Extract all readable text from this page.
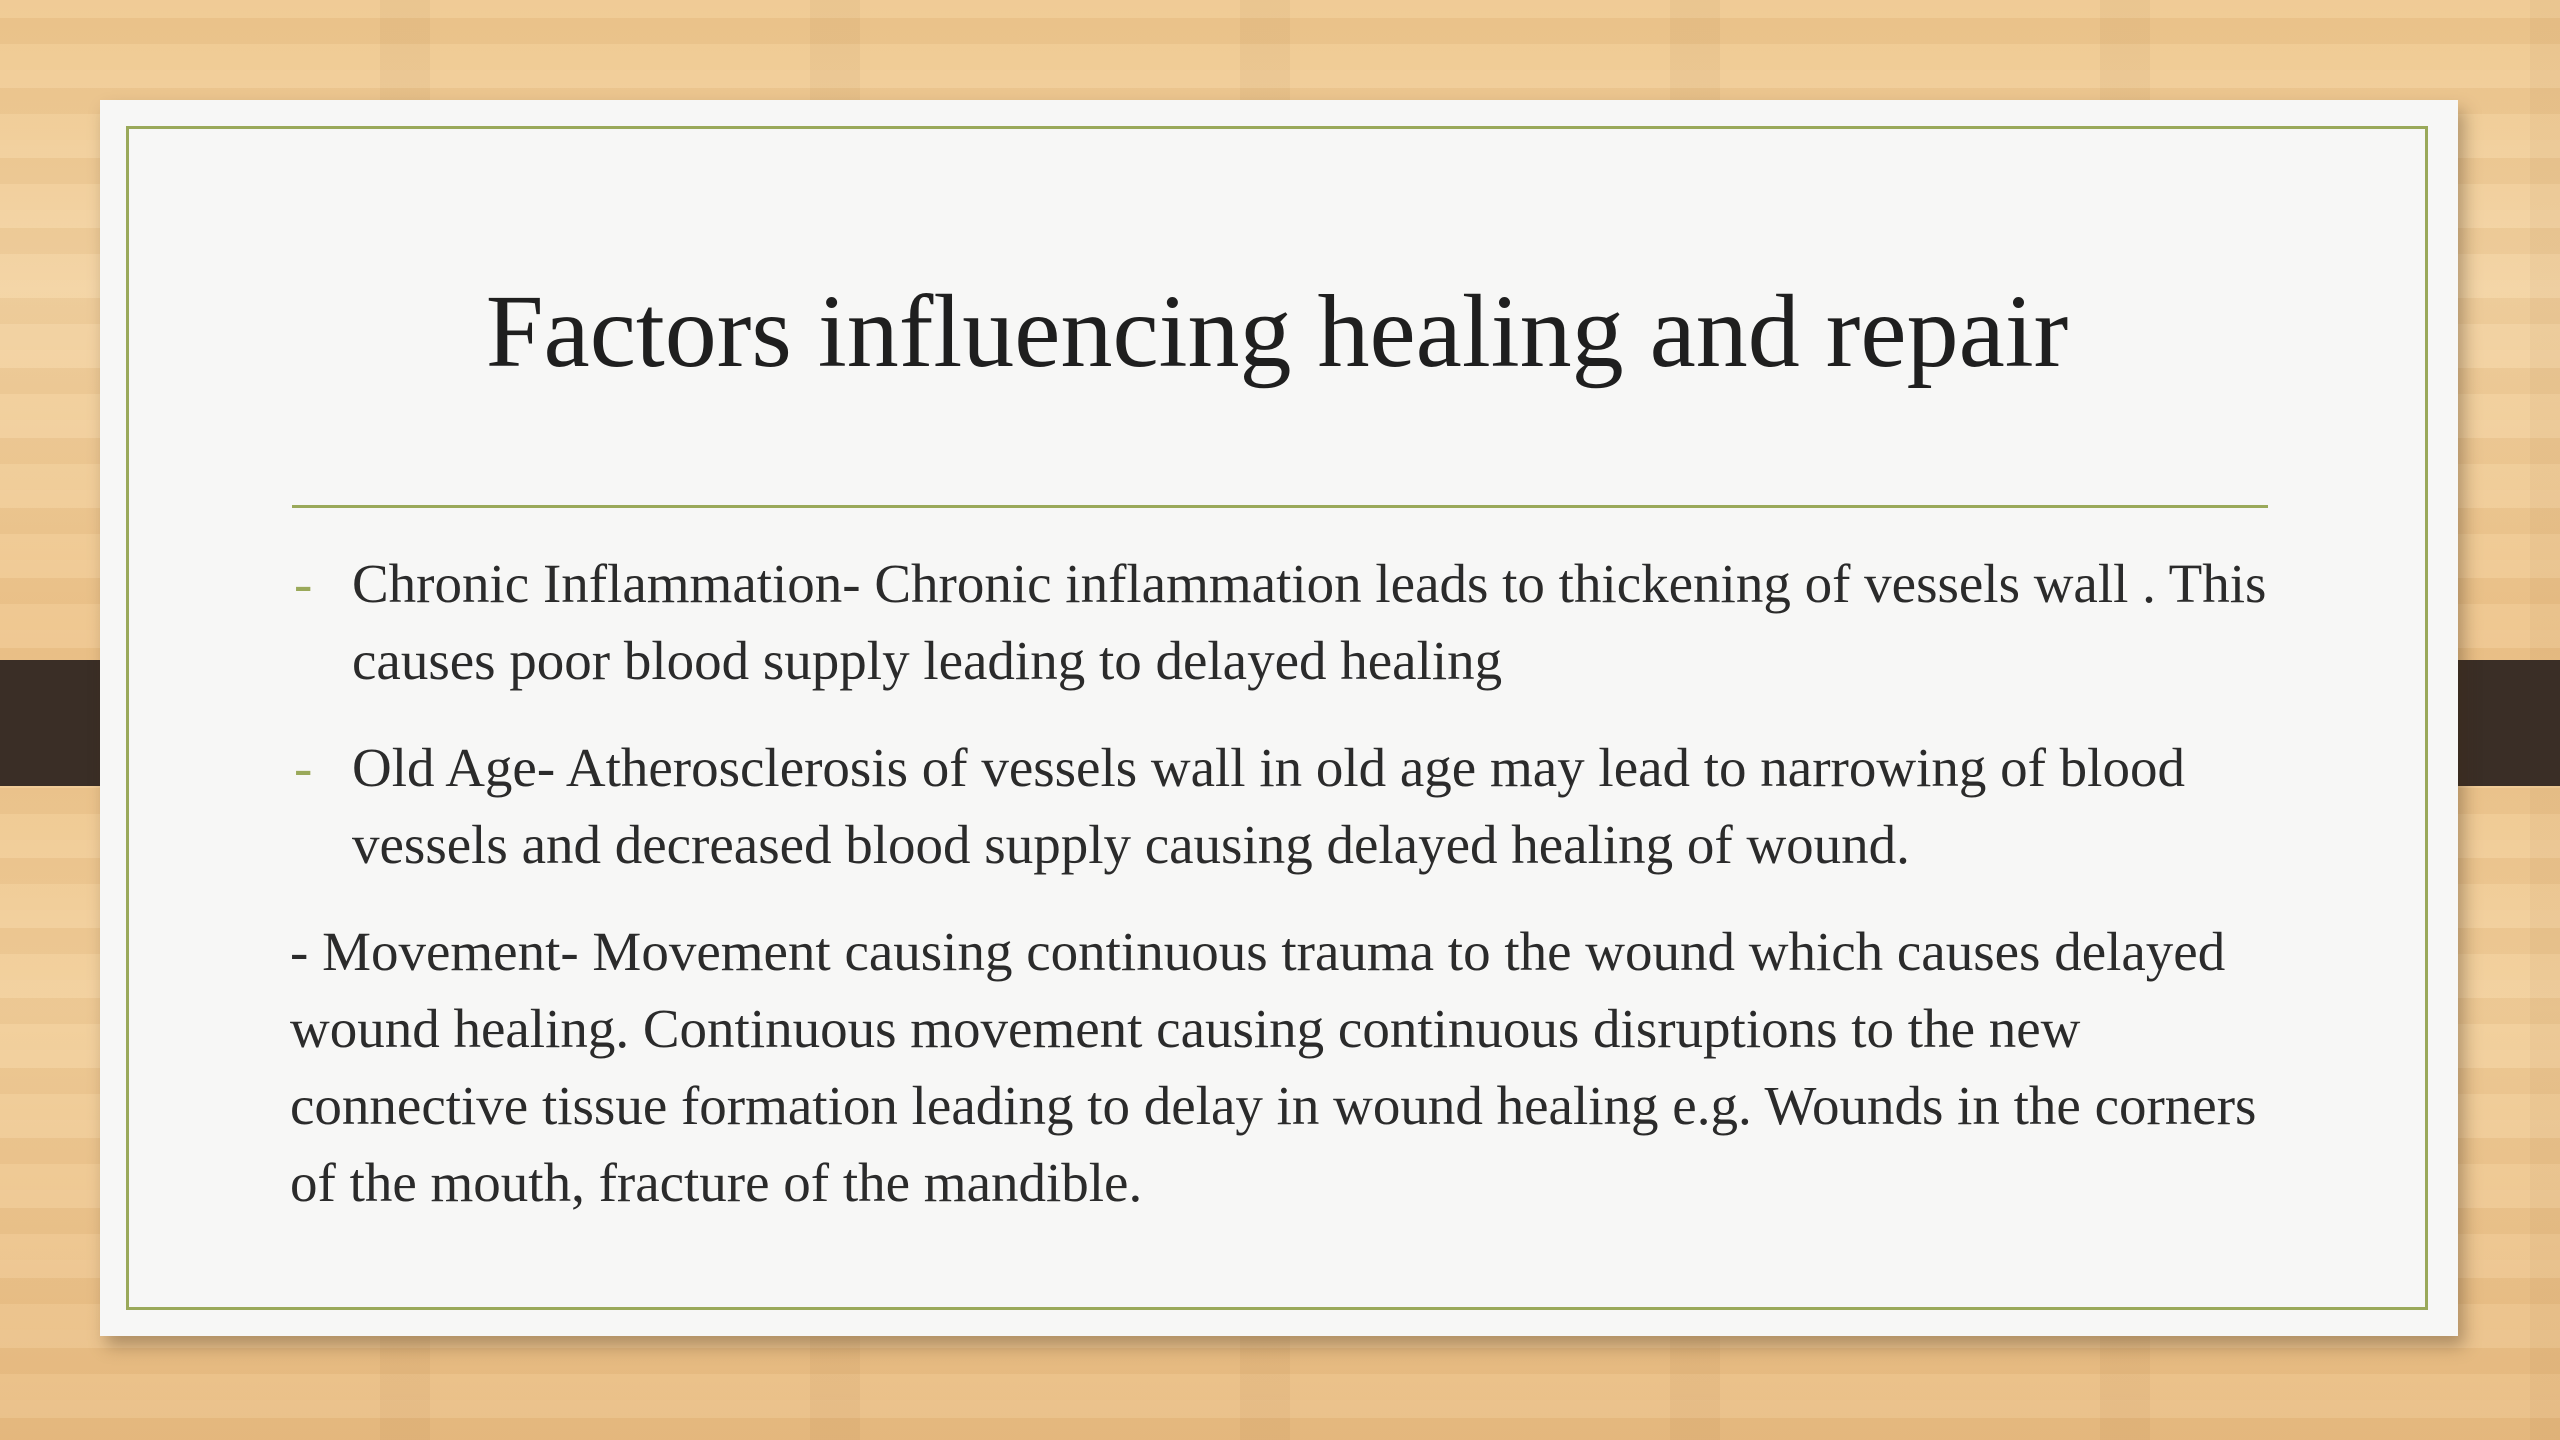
Factors influencing healing and repair
- Chronic Inflammation- Chronic inflammation leads to thickening of vessels wall . This causes poor blood supply leading to delayed healing
- Old Age- Atherosclerosis of vessels wall in old age may lead to narrowing of blood vessels and decreased blood supply causing delayed healing of wound.
- Movement- Movement causing continuous trauma to the wound which causes delayed wound healing. Continuous movement causing continuous disruptions to the new connective tissue formation leading to delay in wound healing e.g. Wounds in the corners of the mouth, fracture of the mandible.
